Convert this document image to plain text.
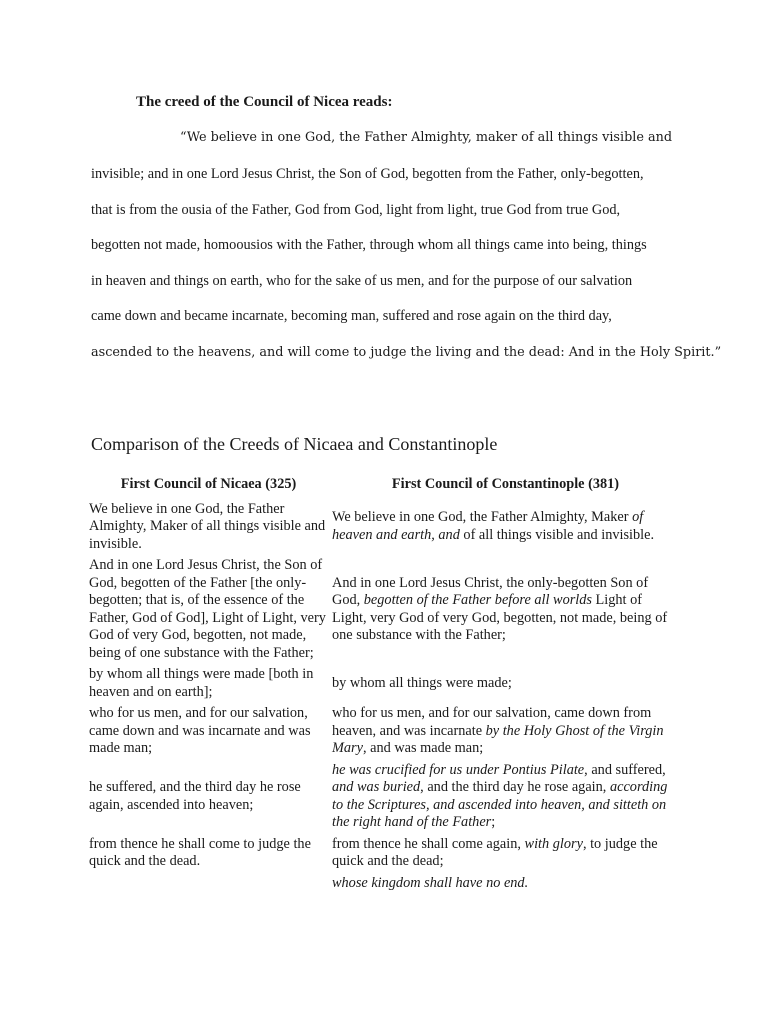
The creed of the Council of Nicea reads:
“We believe in one God, the Father Almighty, maker of all things visible and
invisible; and in one Lord Jesus Christ, the Son of God, begotten from the Father, only-begotten,
that is from the ousia of the Father, God from God, light from light, true God from true God,
begotten not made, homoousios with the Father, through whom all things came into being, things
in heaven and things on earth, who for the sake of us men, and for the purpose of our salvation
came down and became incarnate, becoming man, suffered and rose again on the third day,
ascended to the heavens, and will come to judge the living and the dead: And in the Holy Spirit.”
Comparison of the Creeds of Nicaea and Constantinople
First Council of Nicaea (325)	First Council of Constantinople (381)
We believe in one God, the Father Almighty, Maker of all things visible and invisible.	We believe in one God, the Father Almighty, Maker of heaven and earth, and of all things visible and invisible.
And in one Lord Jesus Christ, the Son of God, begotten of the Father [the only-begotten; that is, of the essence of the Father, God of God], Light of Light, very God of very God, begotten, not made, being of one substance with the Father;	And in one Lord Jesus Christ, the only-begotten Son of God, begotten of the Father before all worlds Light of Light, very God of very God, begotten, not made, being of one substance with the Father;
by whom all things were made [both in heaven and on earth];	by whom all things were made;
who for us men, and for our salvation, came down and was incarnate and was made man;	who for us men, and for our salvation, came down from heaven, and was incarnate by the Holy Ghost of the Virgin Mary, and was made man;
he suffered, and the third day he rose again, ascended into heaven;	he was crucified for us under Pontius Pilate, and suffered, and was buried, and the third day he rose again, according to the Scriptures, and ascended into heaven, and sitteth on the right hand of the Father;
from thence he shall come to judge the quick and the dead.	from thence he shall come again, with glory, to judge the quick and the dead;
	whose kingdom shall have no end.
